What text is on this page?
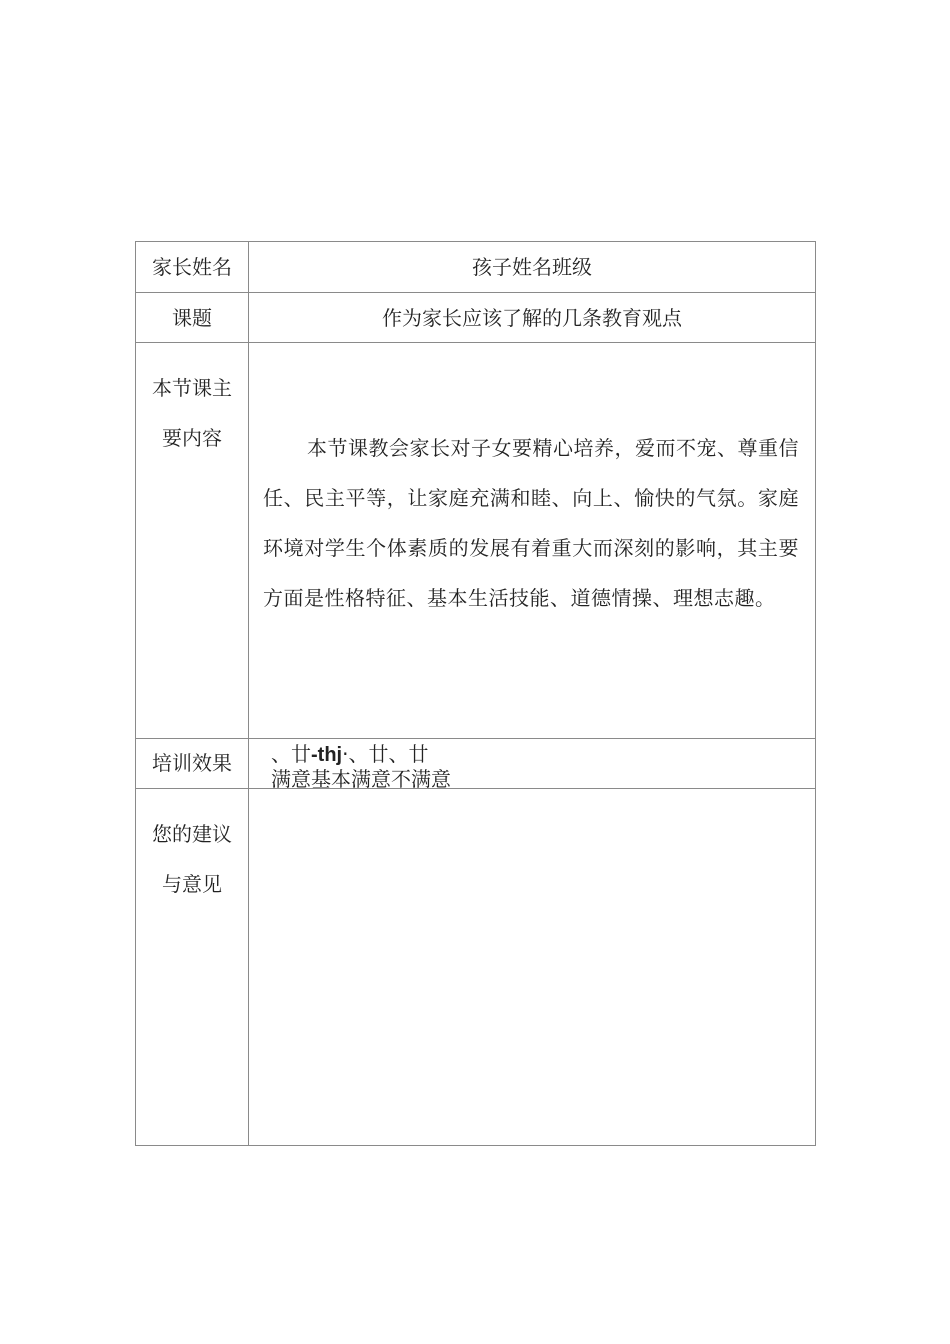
家长姓名	孩子姓名班级
课题	作为家长应该了解的几条教育观点

本节课主
要内容	本节课教会家长对子女要精心培养，爱而不宠、尊重信任、民主平等，让家庭充满和睦、向上、愉快的气氛。家庭环境对学生个体素质的发展有着重大而深刻的影响，其主要方面是性格特征、基本生活技能、道德情操、理想志趣。

培训效果	、廿-thj·、廿、廿
满意基本满意不满意

您的建议
与意见	
